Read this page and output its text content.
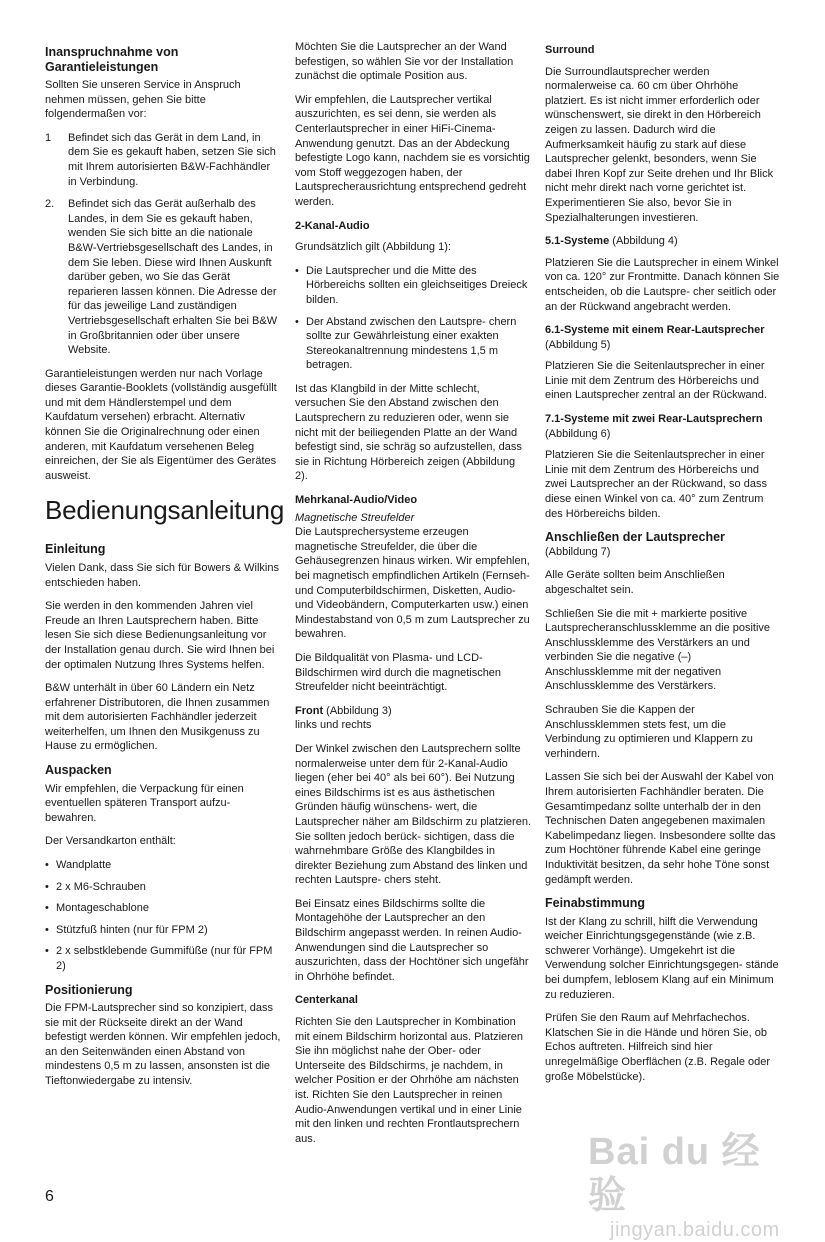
Inanspruchnahme von Garantieleistungen

Sollten Sie unseren Service in Anspruch nehmen müssen, gehen Sie bitte folgendermaßen vor:

1 Befindet sich das Gerät in dem Land, in dem Sie es gekauft haben, setzen Sie sich mit Ihrem autorisierten B&W-Fachhändler in Verbindung.
2. Befindet sich das Gerät außerhalb des Landes, in dem Sie es gekauft haben, wenden Sie sich bitte an die nationale B&W-Vertriebsgesellschaft des Landes, in dem Sie leben. Diese wird Ihnen Auskunft darüber geben, wo Sie das Gerät reparieren lassen können. Die Adresse der für das jeweilige Land zuständigen Vertriebsgesellschaft erhalten Sie bei B&W in Großbritannien oder über unsere Website.

Garantieleistungen werden nur nach Vorlage dieses Garantie-Booklets (vollständig ausgefüllt und mit dem Händlerstempel und dem Kaufdatum versehen) erbracht. Alternativ können Sie die Originalrechnung oder einen anderen, mit Kaufdatum versehenen Beleg einreichen, der Sie als Eigentümer des Gerätes ausweist.

Bedienungsanleitung
Einleitung

Vielen Dank, dass Sie sich für Bowers & Wilkins entschieden haben.

Sie werden in den kommenden Jahren viel Freude an Ihren Lautsprechern haben. Bitte lesen Sie sich diese Bedienungsanleitung vor der Installation genau durch. Sie wird Ihnen bei der optimalen Nutzung Ihres Systems helfen.

B&W unterhält in über 60 Ländern ein Netz erfahrener Distributoren, die Ihnen zusammen mit dem autorisierten Fachhändler jederzeit weiterhelfen, um Ihnen den Musikgenuss zu Hause zu ermöglichen.

Auspacken

Wir empfehlen, die Verpackung für einen eventuellen späteren Transport aufzu- bewahren.

Der Versandkarton enthält:

• Wandplatte
• 2 x M6-Schrauben
• Montageschablone
• Stützfuß hinten (nur für FPM 2)
• 2 x selbstklebende Gummifüße (nur für FPM 2)
Positionierung

Die FPM-Lautsprecher sind so konzipiert, dass sie mit der Rückseite direkt an der Wand befestigt werden können. Wir empfehlen jedoch, an den Seitenwänden einen Abstand von mindestens 0,5 m zu lassen, ansonsten ist die Tieftonwiedergabe zu intensiv.

Möchten Sie die Lautsprecher an der Wand befestigen, so wählen Sie vor der Installation zunächst die optimale Position aus.

Wir empfehlen, die Lautsprecher vertikal auszurichten, es sei denn, sie werden als Centerlautsprecher in einer HiFi-Cinema-Anwendung genutzt. Das an der Abdeckung befestigte Logo kann, nachdem sie es vorsichtig vom Stoff weggezogen haben, der Lautsprecherausrichtung entsprechend gedreht werden.

2-Kanal-Audio

Grundsätzlich gilt (Abbildung 1):

• Die Lautsprecher und die Mitte des Hörbereichs sollten ein gleichseitiges Dreieck bilden.
• Der Abstand zwischen den Lautspre- chern sollte zur Gewährleistung einer exakten Stereokanaltrennung mindestens 1,5 m betragen.

Ist das Klangbild in der Mitte schlecht, versuchen Sie den Abstand zwischen den Lautsprechern zu reduzieren oder, wenn sie nicht mit der beiliegenden Platte an der Wand befestigt sind, sie schräg so aufzustellen, dass sie in Richtung Hörbereich zeigen (Abbildung 2).

Mehrkanal-Audio/Video

Magnetische Streufelder

Die Lautsprechersysteme erzeugen magnetische Streufelder, die über die Gehäusegrenzen hinaus wirken. Wir empfehlen, bei magnetisch empfindlichen Artikeln (Fernseh- und Computerbildschirmen, Disketten, Audio- und Videobändern, Computerkarten usw.) einen Mindestabstand von 0,5 m zum Lautsprecher zu bewahren.

Die Bildqualität von Plasma- und LCD-Bildschirmen wird durch die magnetischen Streufelder nicht beeinträchtigt.

Front (Abbildung 3)

links und rechts

Der Winkel zwischen den Lautsprechern sollte normalerweise unter dem für 2-Kanal-Audio liegen (eher bei 40° als bei 60°). Bei Nutzung eines Bildschirms ist es aus ästhetischen Gründen häufig wünschens- wert, die Lautsprecher näher am Bildschirm zu platzieren. Sie sollten jedoch berück- sichtigen, dass die wahrnehmbare Größe des Klangbildes in direkter Beziehung zum Abstand des linken und rechten Lautspre- chers steht.

Bei Einsatz eines Bildschirms sollte die Montagehöhe der Lautsprecher an den Bildschirm angepasst werden. In reinen Audio-Anwendungen sind die Lautsprecher so auszurichten, dass der Hochtöner sich ungefähr in Ohrhöhe befindet.

Centerkanal

Richten Sie den Lautsprecher in Kombination mit einem Bildschirm horizontal aus. Platzieren Sie ihn möglichst nahe der Ober- oder Unterseite des Bildschirms, je nachdem, in welcher Position er der Ohrhöhe am nächsten ist. Richten Sie den Lautsprecher in reinen Audio-Anwendungen vertikal und in einer Linie mit den linken und rechten Frontlautsprechern aus.

Surround

Die Surroundlautsprecher werden normalerweise ca. 60 cm über Ohrhöhe platziert. Es ist nicht immer erforderlich oder wünschenswert, sie direkt in den Hörbereich zeigen zu lassen. Dadurch wird die Aufmerksamkeit häufig zu stark auf diese Lautsprecher gelenkt, besonders, wenn Sie dabei Ihren Kopf zur Seite drehen und Ihr Blick nicht mehr direkt nach vorne gerichtet ist. Experimentieren Sie also, bevor Sie in Spezialhalterungen investieren.

5.1-Systeme (Abbildung 4)

Platzieren Sie die Lautsprecher in einem Winkel von ca. 120° zur Frontmitte. Danach können Sie entscheiden, ob die Lautspre- cher seitlich oder an der Rückwand angebracht werden.

6.1-Systeme mit einem Rear-Lautsprecher (Abbildung 5)

Platzieren Sie die Seitenlautsprecher in einer Linie mit dem Zentrum des Hörbereichs und einen Lautsprecher zentral an der Rückwand.

7.1-Systeme mit zwei Rear-Lautsprechern (Abbildung 6)

Platzieren Sie die Seitenlautsprecher in einer Linie mit dem Zentrum des Hörbereichs und zwei Lautsprecher an der Rückwand, so dass diese einen Winkel von ca. 40° zum Zentrum des Hörbereichs bilden.

Anschließen der Lautsprecher

(Abbildung 7)

Alle Geräte sollten beim Anschließen abgeschaltet sein.

Schließen Sie die mit + markierte positive Lautsprecheranschlussklemme an die positive Anschlussklemme des Verstärkers an und verbinden Sie die negative (–) Anschlussklemme mit der negativen Anschlussklemme des Verstärkers.

Schrauben Sie die Kappen der Anschlussklemmen stets fest, um die Verbindung zu optimieren und Klappern zu verhindern.

Lassen Sie sich bei der Auswahl der Kabel von Ihrem autorisierten Fachhändler beraten. Die Gesamtimpedanz sollte unterhalb der in den Technischen Daten angegebenen maximalen Kabelimpedanz liegen. Insbesondere sollte das zum Hochtöner führende Kabel eine geringe Induktivität besitzen, da sehr hohe Töne sonst gedämpft werden.

Feinabstimmung

Ist der Klang zu schrill, hilft die Verwendung weicher Einrichtungsgegenstände (wie z.B. schwerer Vorhänge). Umgekehrt ist die Verwendung solcher Einrichtungsgegen- stände bei dumpfem, leblosem Klang auf ein Minimum zu reduzieren.

Prüfen Sie den Raum auf Mehrfachechos. Klatschen Sie in die Hände und hören Sie, ob Echos auftreten. Hilfreich sind hier unregelmäßige Oberflächen (z.B. Regale oder große Möbelstücke).

6
Bai du 经验
jingyan.baidu.com
